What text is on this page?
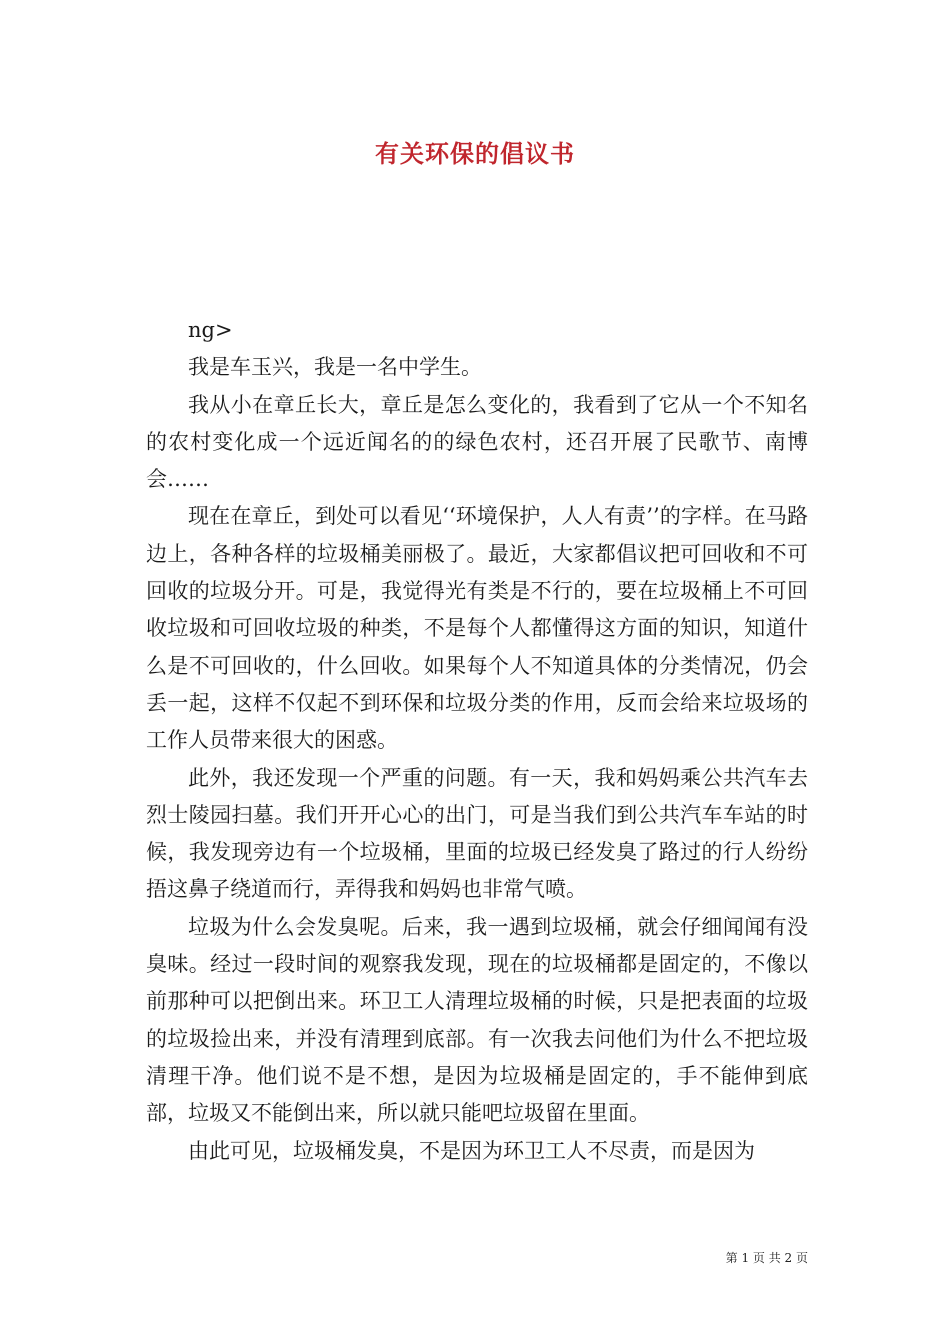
有关环保的倡议书

ng>

我是车玉兴，我是一名中学生。

我从小在章丘长大，章丘是怎么变化的，我看到了它从一个不知名的农村变化成一个远近闻名的的绿色农村，还召开展了民歌节、南博会……

现在在章丘，到处可以看见‘‘环境保护，人人有责’’的字样。在马路边上，各种各样的垃圾桶美丽极了。最近，大家都倡议把可回收和不可回收的垃圾分开。可是，我觉得光有类是不行的，要在垃圾桶上不可回收垃圾和可回收垃圾的种类，不是每个人都懂得这方面的知识，知道什么是不可回收的，什么回收。如果每个人不知道具体的分类情况，仍会丢一起，这样不仅起不到环保和垃圾分类的作用，反而会给来垃圾场的工作人员带来很大的困惑。

此外，我还发现一个严重的问题。有一天，我和妈妈乘公共汽车去烈士陵园扫墓。我们开开心心的出门，可是当我们到公共汽车车站的时候，我发现旁边有一个垃圾桶，里面的垃圾已经发臭了路过的行人纷纷捂这鼻子绕道而行，弄得我和妈妈也非常气喷。

垃圾为什么会发臭呢。后来，我一遇到垃圾桶，就会仔细闻闻有没臭味。经过一段时间的观察我发现，现在的垃圾桶都是固定的，不像以前那种可以把倒出来。环卫工人清理垃圾桶的时候，只是把表面的垃圾的垃圾捡出来，并没有清理到底部。有一次我去问他们为什么不把垃圾清理干净。他们说不是不想，是因为垃圾桶是固定的，手不能伸到底部，垃圾又不能倒出来，所以就只能吧垃圾留在里面。

由此可见，垃圾桶发臭，不是因为环卫工人不尽责，而是因为

第 1 页 共 2 页
